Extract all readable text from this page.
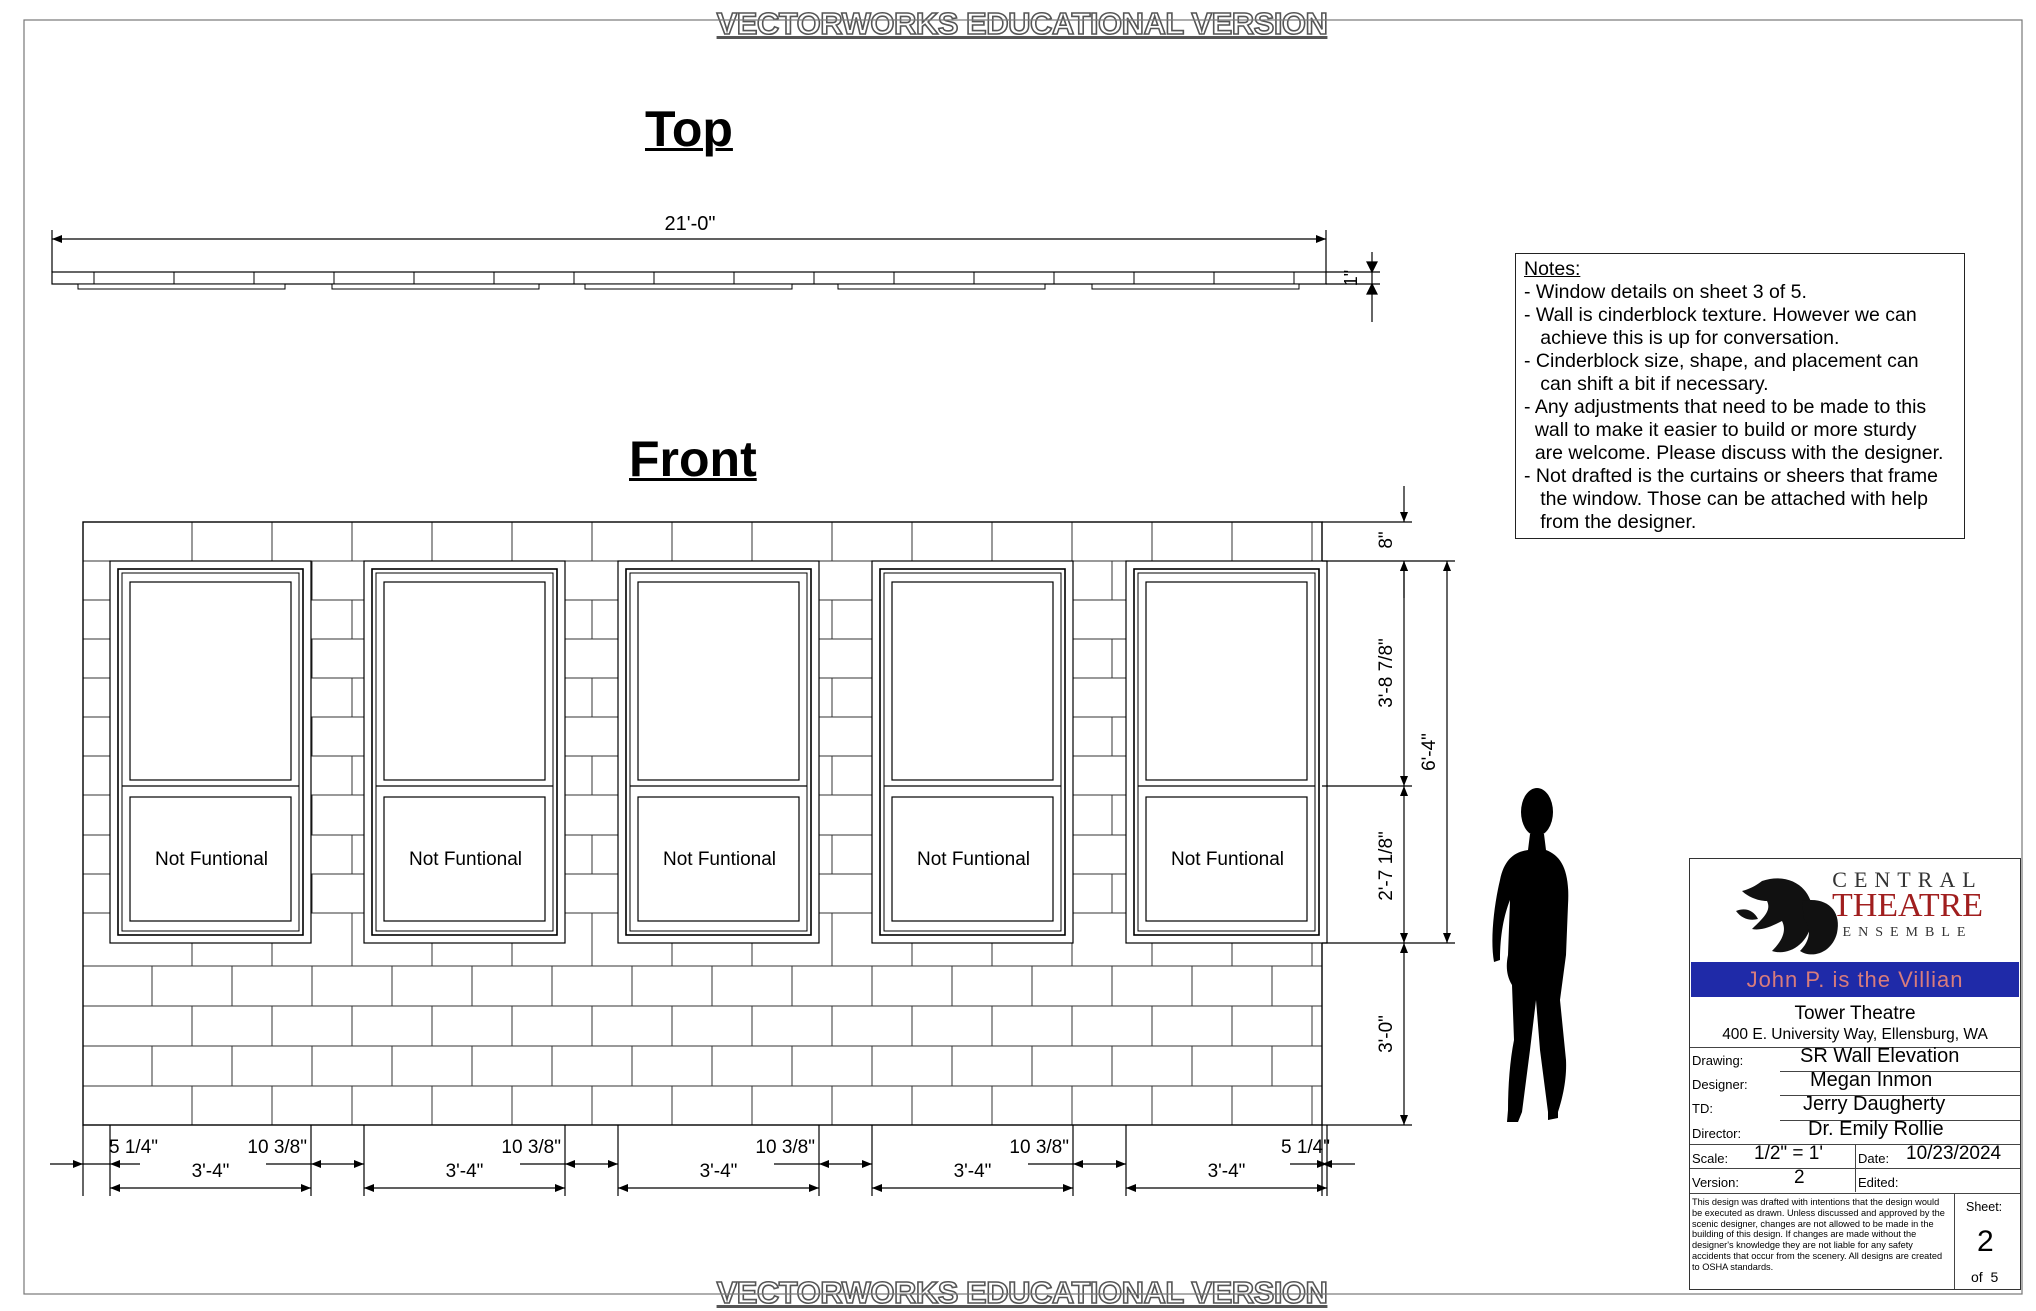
VECTORWORKS EDUCATIONAL VERSION
VECTORWORKS EDUCATIONAL VERSION
Top
Front
21'-0"
1"
Not Funtional	Not Funtional	Not Funtional	Not Funtional	Not Funtional
8"
3'-8 7/8"
2'-7 1/8"
6'-4"
3'-0"
3'-4"	3'-4"	3'-4"	3'-4"	3'-4"
10 3/8"	10 3/8"	10 3/8"	10 3/8"
5 1/4"	5 1/4"
Notes:
- Window details on sheet 3 of 5.
- Wall is cinderblock texture. However we can
achieve this is up for conversation.
- Cinderblock size, shape, and placement can
can shift a bit if necessary.
- Any adjustments that need to be made to this
wall to make it easier to build or more sturdy
are welcome. Please discuss with the designer.
- Not drafted is the curtains or sheers that frame
the window. Those can be attached with help
from the designer.
CENTRAL
THEATRE
ENSEMBLE
John P. is the Villian
Tower Theatre
400 E. University Way, Ellensburg, WA
Drawing:	SR Wall Elevation
Designer:	Megan Inmon
TD:	Jerry Daugherty
Director:	Dr. Emily Rollie
Scale: 1/2" = 1'	Date: 10/23/2024
Version:	2	Edited:
This design was drafted with intentions that the design would be executed as drawn. Unless discussed and approved by the scenic designer, changes are not allowed to be made in the building of this design. If changes are made without the designer's knowledge they are not liable for any safety accidents that occur from the scenery. All designs are created to OSHA standards.
Sheet:
2
of  5
